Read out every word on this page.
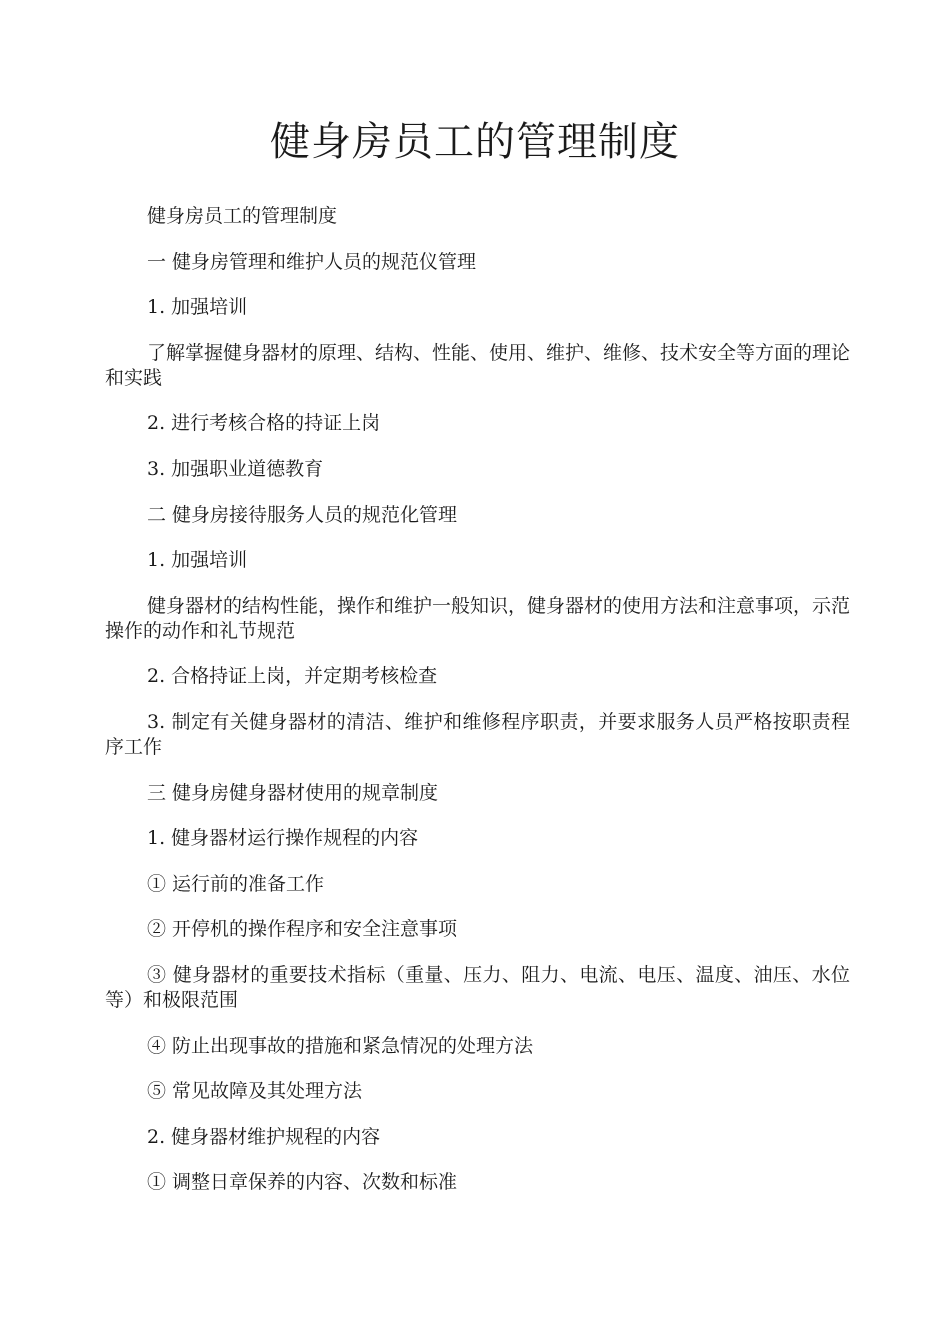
健身房员工的管理制度

健身房员工的管理制度

一 健身房管理和维护人员的规范仪管理

1. 加强培训

了解掌握健身器材的原理、结构、性能、使用、维护、维修、技术安全等方面的理论和实践

2. 进行考核合格的持证上岗

3. 加强职业道德教育

二 健身房接待服务人员的规范化管理

1. 加强培训

健身器材的结构性能，操作和维护一般知识，健身器材的使用方法和注意事项，示范操作的动作和礼节规范

2. 合格持证上岗，并定期考核检查

3. 制定有关健身器材的清洁、维护和维修程序职责，并要求服务人员严格按职责程序工作

三 健身房健身器材使用的规章制度

1. 健身器材运行操作规程的内容

① 运行前的准备工作

② 开停机的操作程序和安全注意事项

③ 健身器材的重要技术指标（重量、压力、阻力、电流、电压、温度、油压、水位等）和极限范围

④ 防止出现事故的措施和紧急情况的处理方法

⑤ 常见故障及其处理方法

2. 健身器材维护规程的内容

① 调整日章保养的内容、次数和标准
